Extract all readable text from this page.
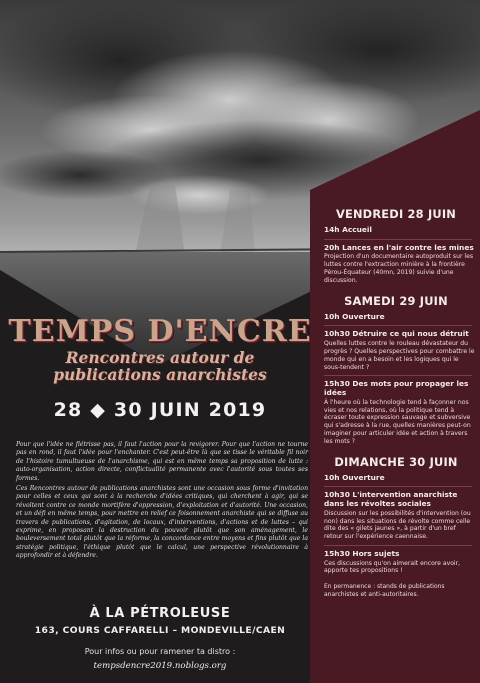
VENDREDI 28 JUIN
14h Accueil
20h Lances en l'air contre les mines
Projection d'un documentaire autoproduit sur les luttes contre l'extraction minière à la frontière Pérou-Équateur (40mn, 2019) suivie d'une discussion.
SAMEDI 29 JUIN
10h Ouverture
10h30 Détruire ce qui nous détruit
Quelles luttes contre le rouleau dévastateur du progrès ? Quelles perspectives pour combattre le monde qui en a besoin et les logiques qui le sous-tendent ?
15h30 Des mots pour propager les idées
À l'heure où la technologie tend à façonner nos vies et nos relations, où la politique tend à écraser toute expression sauvage et subversive qui s'adresse à la rue, quelles manières peut-on imaginer pour articuler idée et action à travers les mots ?
DIMANCHE 30 JUIN
10h Ouverture
10h30 L'intervention anarchiste dans les révoltes sociales
Discussion sur les possibilités d'intervention (ou non) dans les situations de révolte comme celle dite des « gilets jaunes », à partir d'un bref retour sur l'expérience caennaise.
15h30 Hors sujets
Ces discussions qu'on aimerait encore avoir, apporte tes propositions !
En permanence : stands de publications anarchistes et anti-autoritaires.
TEMPS D'ENCRE
Rencontres autour de
publications anarchistes
28 ◆ 30 JUIN 2019

Pour que l'idée ne flétrisse pas, il faut l'action pour la revigorer. Pour que l'action ne tourne pas en rond, il faut l'idée pour l'enchanter. C'est peut-être là que se tisse le véritable fil noir de l'histoire tumultueuse de l'anarchisme, qui est en même temps sa proposition de lutte : auto-organisation, action directe, conflictualité permanente avec l'autorité sous toutes ses formes.

Ces Rencontres autour de publications anarchistes sont une occasion sous forme d'invitation pour celles et ceux qui sont à la recherche d'idées critiques, qui cherchent à agir, qui se révoltent contre ce monde mortifère d'oppression, d'exploitation et d'autorité. Une occasion, et un défi en même temps, pour mettre en relief ce foisonnement anarchiste qui se diffuse au travers de publications, d'agitation, de locaux, d'interventions, d'actions et de luttes – qui exprime, en proposant la destruction du pouvoir plutôt que son aménagement, le bouleversement total plutôt que la réforme, la concordance entre moyens et fins plutôt que la stratégie politique, l'éthique plutôt que le calcul, une perspective révolutionnaire à approfondir et à défendre.

À LA PÉTROLEUSE
163, COURS CAFFARELLI – MONDEVILLE/CAEN
Pour infos ou pour ramener ta distro :
tempsdencre2019.noblogs.org
